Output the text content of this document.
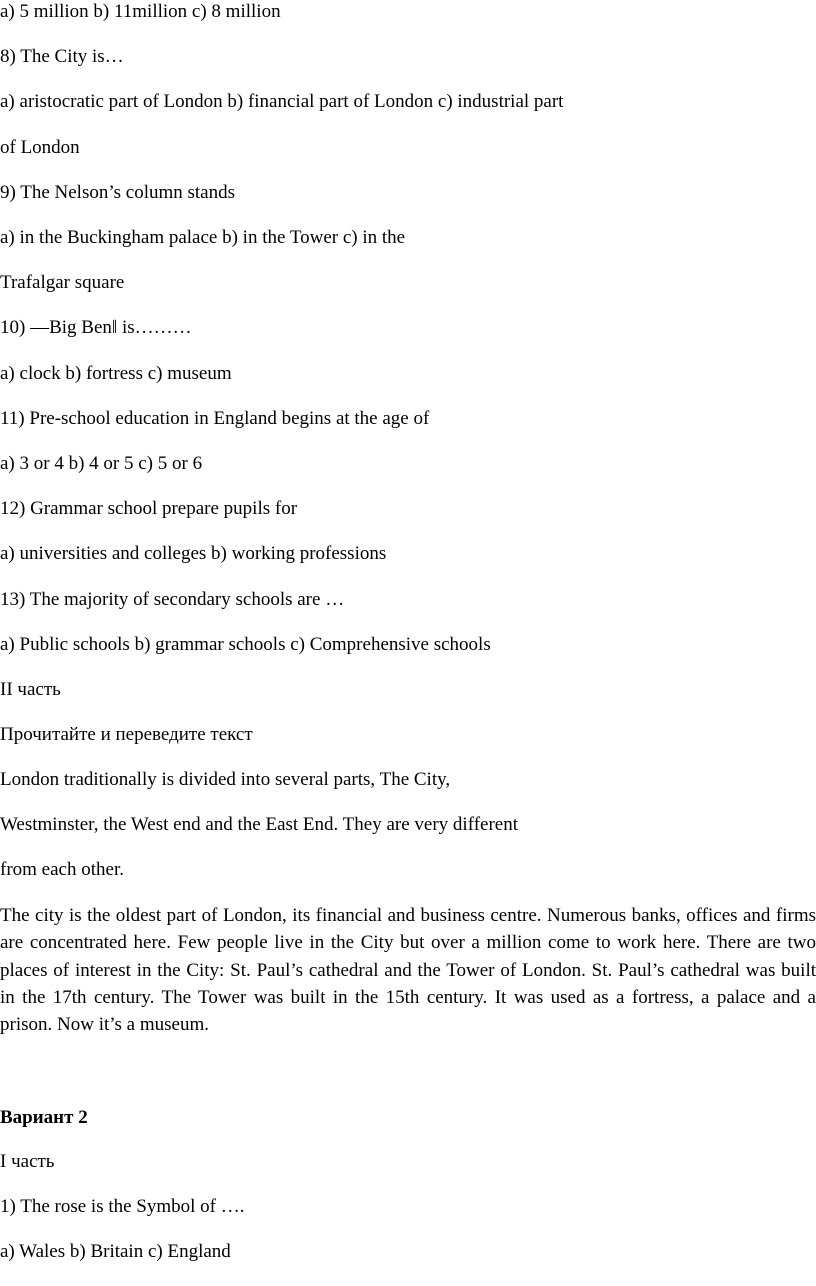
a) 5 million b) 11million c) 8 million
8) The City is…
a) aristocratic part of London b) financial part of London c) industrial part
of London
9) The Nelson’s column stands
a) in the Buckingham palace b) in the Tower c) in the
Trafalgar square
10) ―Big Ben‖ is………
a) clock b) fortress c) museum
11) Pre-school education in England begins at the age of
a) 3 or 4 b) 4 or 5 c) 5 or 6
12) Grammar school prepare pupils for
a) universities and colleges b) working professions
13) The majority of secondary schools are …
a) Public schools b) grammar schools c) Comprehensive schools
II часть
Прочитайте и переведите текст
London traditionally is divided into several parts, The City,
Westminster, the West end and the East End. They are very different
from each other.
The city is the oldest part of London, its financial and business centre. Numerous banks, offices and firms are concentrated here. Few people live in the City but over a million come to work here. There are two places of interest in the City: St. Paul’s cathedral and the Tower of London. St. Paul’s cathedral was built in the 17th century. The Tower was built in the 15th century. It was used as a fortress, a palace and a prison. Now it’s a museum.
Вариант 2
I часть
1) The rose is the Symbol of ….
a) Wales b) Britain c) England
